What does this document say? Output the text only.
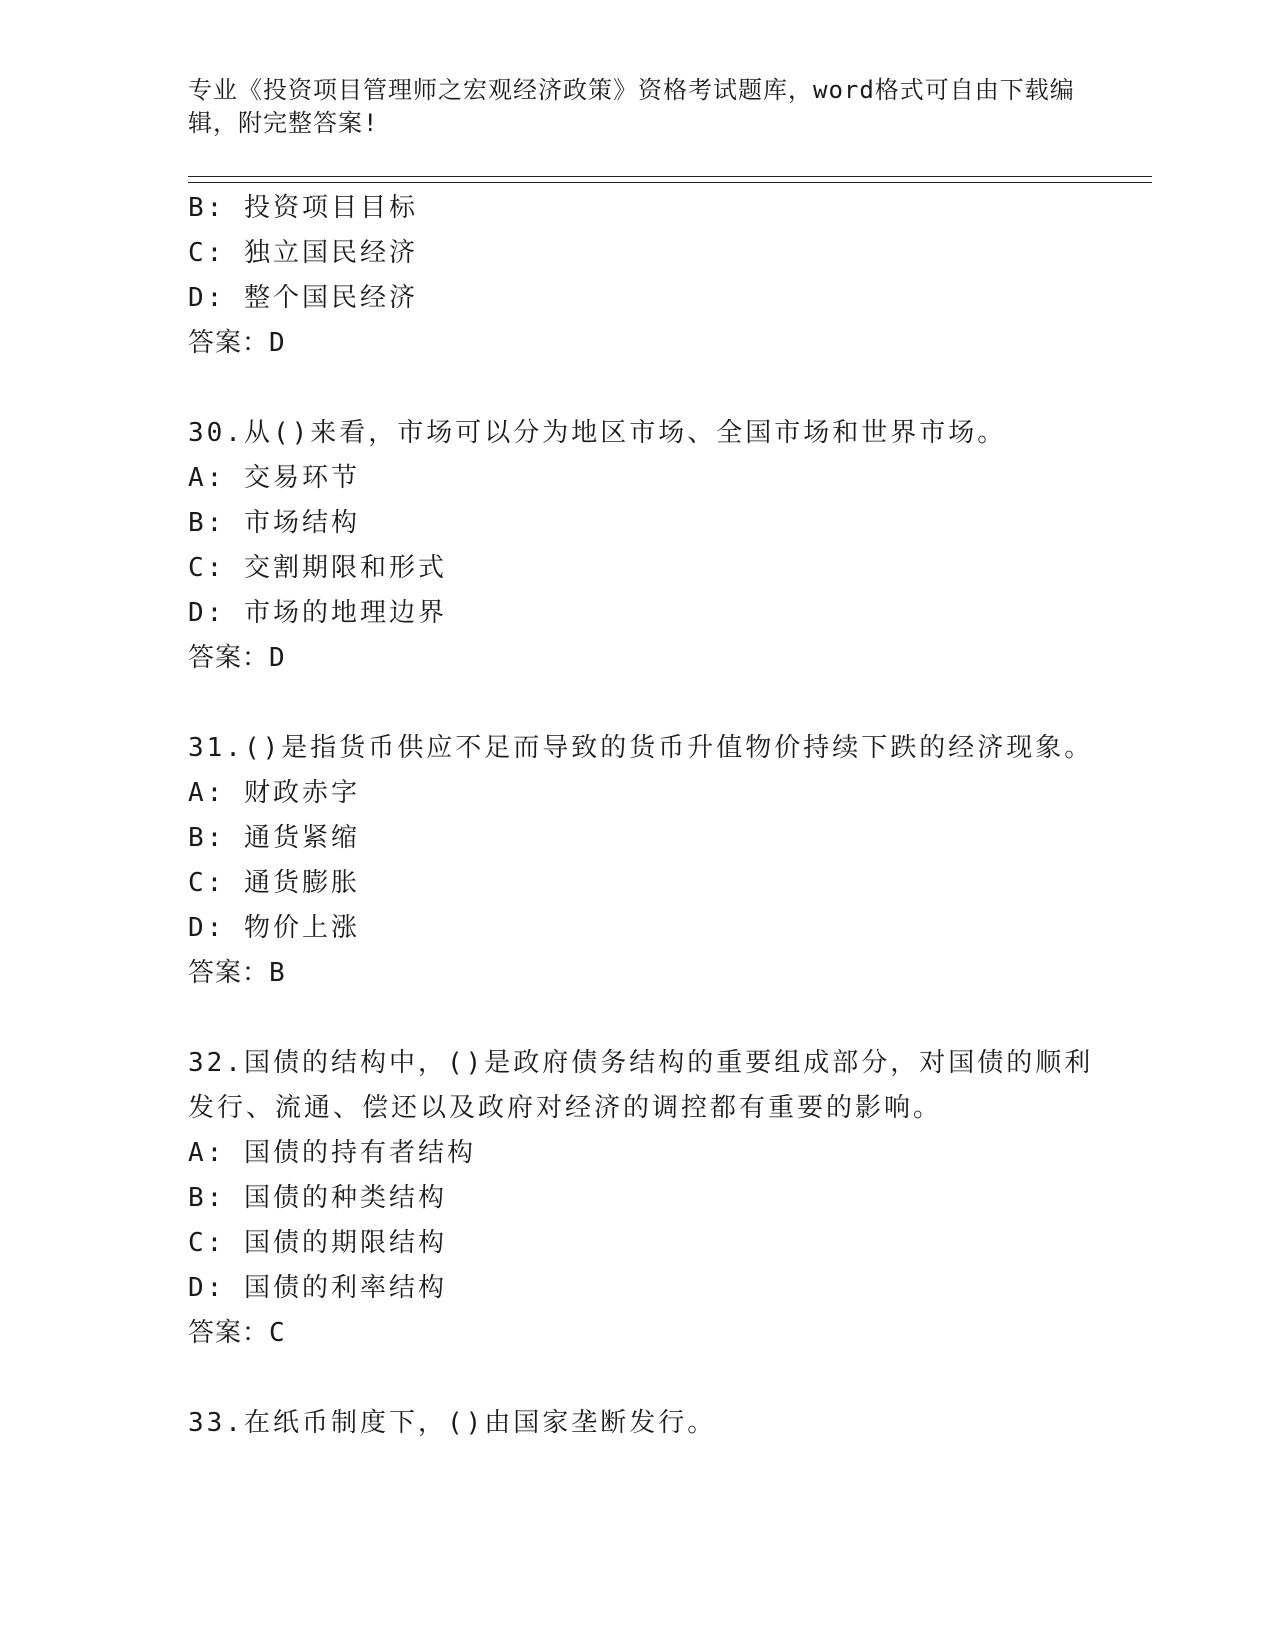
专业《投资项目管理师之宏观经济政策》资格考试题库，word格式可自由下载编
辑，附完整答案!
B: 投资项目目标
C: 独立国民经济
D: 整个国民经济
答案：D
30.从()来看，市场可以分为地区市场、全国市场和世界市场。
A: 交易环节
B: 市场结构
C: 交割期限和形式
D: 市场的地理边界
答案：D
31.()是指货币供应不足而导致的货币升值物价持续下跌的经济现象。
A: 财政赤字
B: 通货紧缩
C: 通货膨胀
D: 物价上涨
答案：B
32.国债的结构中，()是政府债务结构的重要组成部分，对国债的顺利
发行、流通、偿还以及政府对经济的调控都有重要的影响。
A: 国债的持有者结构
B: 国债的种类结构
C: 国债的期限结构
D: 国债的利率结构
答案：C
33.在纸币制度下，()由国家垄断发行。
